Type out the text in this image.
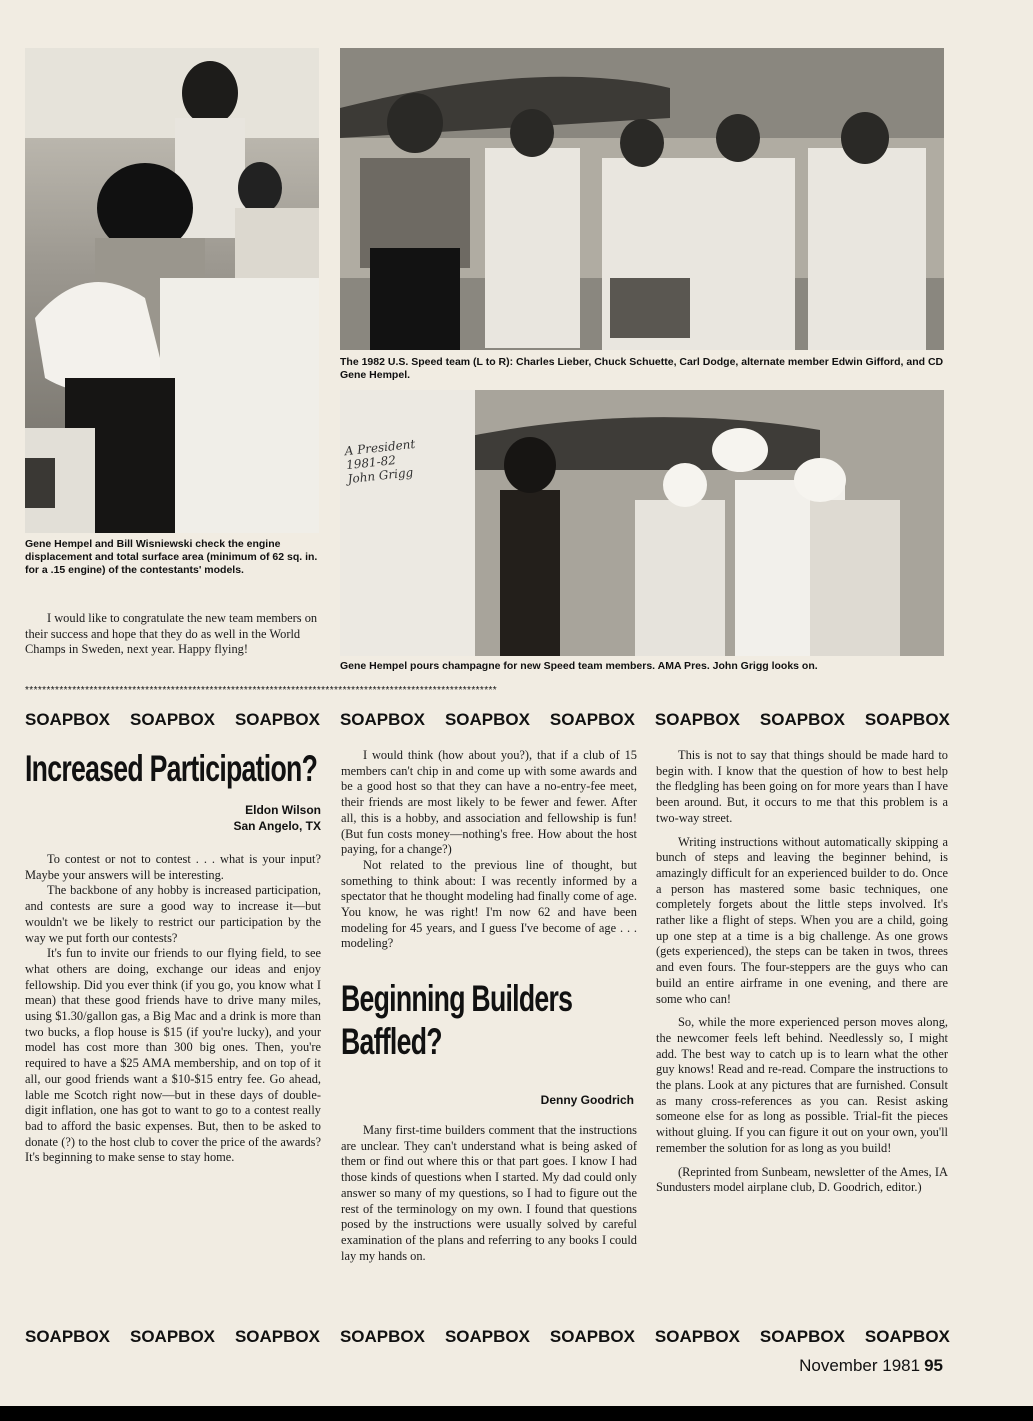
The 1982 U.S. Speed team (L to R): Charles Lieber, Chuck Schuette, Carl Dodge, alternate member Edwin Gifford, and CD Gene Hempel.

A President 1981-82 John Grigg

Gene Hempel pours champagne for new Speed team members. AMA Pres. John Grigg looks on.

Gene Hempel and Bill Wisniewski check the engine displacement and total surface area (minimum of 62 sq. in. for a .15 engine) of the contestants' models.

I would like to congratulate the new team members on their success and hope that they do as well in the World Champs in Sweden, next year. Happy flying!

**************************************************************************************************************
SOAPBOX SOAPBOX SOAPBOX SOAPBOX SOAPBOX SOAPBOX SOAPBOX SOAPBOX SOAPBOX
Increased Participation?
Eldon Wilson
San Angelo, TX

To contest or not to contest . . . what is your input? Maybe your answers will be interesting.

The backbone of any hobby is increased participation, and contests are sure a good way to increase it—but wouldn't we be likely to restrict our participation by the way we put forth our contests?

It's fun to invite our friends to our flying field, to see what others are doing, exchange our ideas and enjoy fellowship. Did you ever think (if you go, you know what I mean) that these good friends have to drive many miles, using $1.30/gallon gas, a Big Mac and a drink is more than two bucks, a flop house is $15 (if you're lucky), and your model has cost more than 300 big ones. Then, you're required to have a $25 AMA membership, and on top of it all, our good friends want a $10-$15 entry fee. Go ahead, lable me Scotch right now—but in these days of double-digit inflation, one has got to want to go to a contest really bad to afford the basic expenses. But, then to be asked to donate (?) to the host club to cover the price of the awards? It's beginning to make sense to stay home.

I would think (how about you?), that if a club of 15 members can't chip in and come up with some awards and be a good host so that they can have a no-entry-fee meet, their friends are most likely to be fewer and fewer. After all, this is a hobby, and association and fellowship is fun! (But fun costs money—nothing's free. How about the host paying, for a change?)

Not related to the previous line of thought, but something to think about: I was recently informed by a spectator that he thought modeling had finally come of age. You know, he was right! I'm now 62 and have been modeling for 45 years, and I guess I've become of age . . . modeling?

Beginning Builders
Baffled?
Denny Goodrich

Many first-time builders comment that the instructions are unclear. They can't understand what is being asked of them or find out where this or that part goes. I know I had those kinds of questions when I started. My dad could only answer so many of my questions, so I had to figure out the rest of the terminology on my own. I found that questions posed by the instructions were usually solved by careful examination of the plans and referring to any books I could lay my hands on.

This is not to say that things should be made hard to begin with. I know that the question of how to best help the fledgling has been going on for more years than I have been around. But, it occurs to me that this problem is a two-way street.

Writing instructions without automatically skipping a bunch of steps and leaving the beginner behind, is amazingly difficult for an experienced builder to do. Once a person has mastered some basic techniques, one completely forgets about the little steps involved. It's rather like a flight of steps. When you are a child, going up one step at a time is a big challenge. As one grows (gets experienced), the steps can be taken in twos, threes and even fours. The four-steppers are the guys who can build an entire airframe in one evening, and there are some who can!

So, while the more experienced person moves along, the newcomer feels left behind. Needlessly so, I might add. The best way to catch up is to learn what the other guy knows! Read and re-read. Compare the instructions to the plans. Look at any pictures that are furnished. Consult as many cross-references as you can. Resist asking someone else for as long as possible. Trial-fit the pieces without gluing. If you can figure it out on your own, you'll remember the solution for as long as you build!

(Reprinted from Sunbeam, newsletter of the Ames, IA Sundusters model airplane club, D. Goodrich, editor.)

SOAPBOX SOAPBOX SOAPBOX SOAPBOX SOAPBOX SOAPBOX SOAPBOX SOAPBOX SOAPBOX
November 1981 95
